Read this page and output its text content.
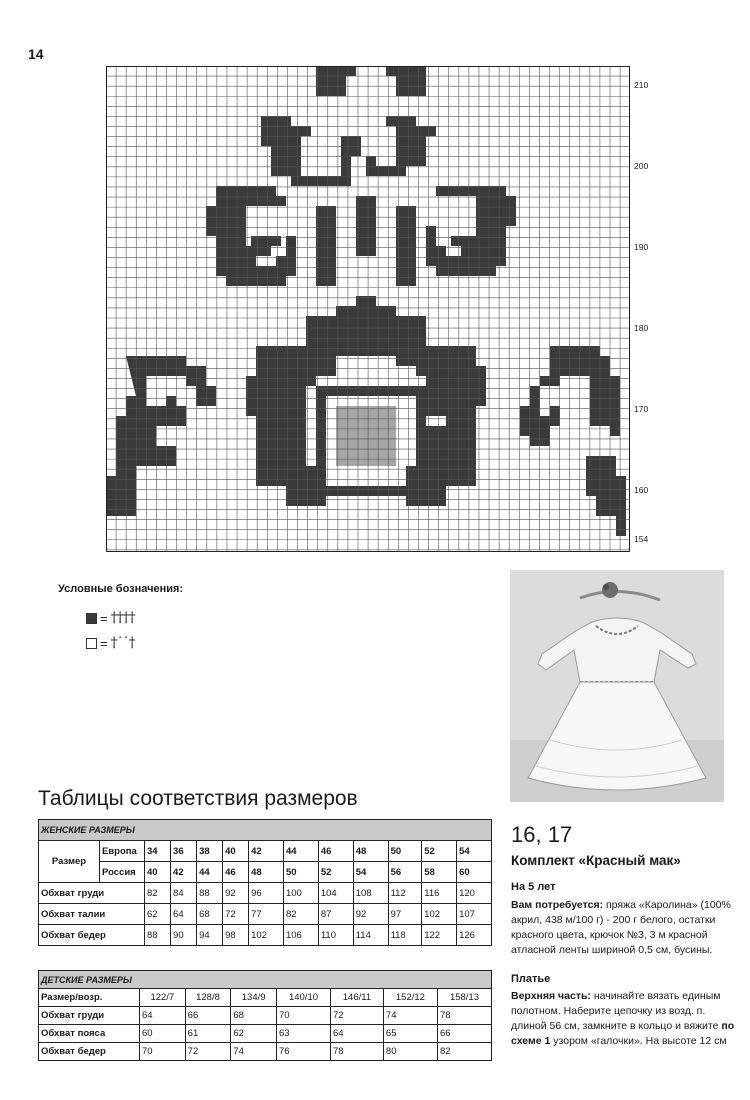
14
210
200
190
180
170
160
154
Условные бозначения:
= ††††
= †˙˙†
Таблицы соответствия размеров
ЖЕНСКИЕ РАЗМЕРЫ												
Размер	Европа	34	36	38	40	42	44	46	48	50	52	54
	Россия	40	42	44	46	48	50	52	54	56	58	60
Обхват груди		82	84	88	92	96	100	104	108	112	116	120
Обхват талии		62	64	68	72	77	82	87	92	97	102	107
Обхват бедер		88	90	94	98	102	106	110	114	118	122	126
ДЕТСКИЕ РАЗМЕРЫ							
Размер/возр.	122/7	128/8	134/9	140/10	146/11	152/12	158/13
Обхват груди	64	66	68	70	72	74	78
Обхват пояса	60	61	62	63	64	65	66
Обхват бедер	70	72	74	76	78	80	82
16, 17
Комплект «Красный мак»
На 5 лет
Вам потребуется: пряжа «Каролина» (100% акрил, 438 м/100 г) - 200 г белого, остатки красного цвета, крючок №3, 3 м красной атласной ленты шириной 0,5 см, бусины.
Платье
Верхняя часть: начинайте вязать единым полотном. Наберите цепочку из возд. п. длиной 56 см, замкните в кольцо и вяжите по схеме 1 узором «галочки». На высоте 12 см
